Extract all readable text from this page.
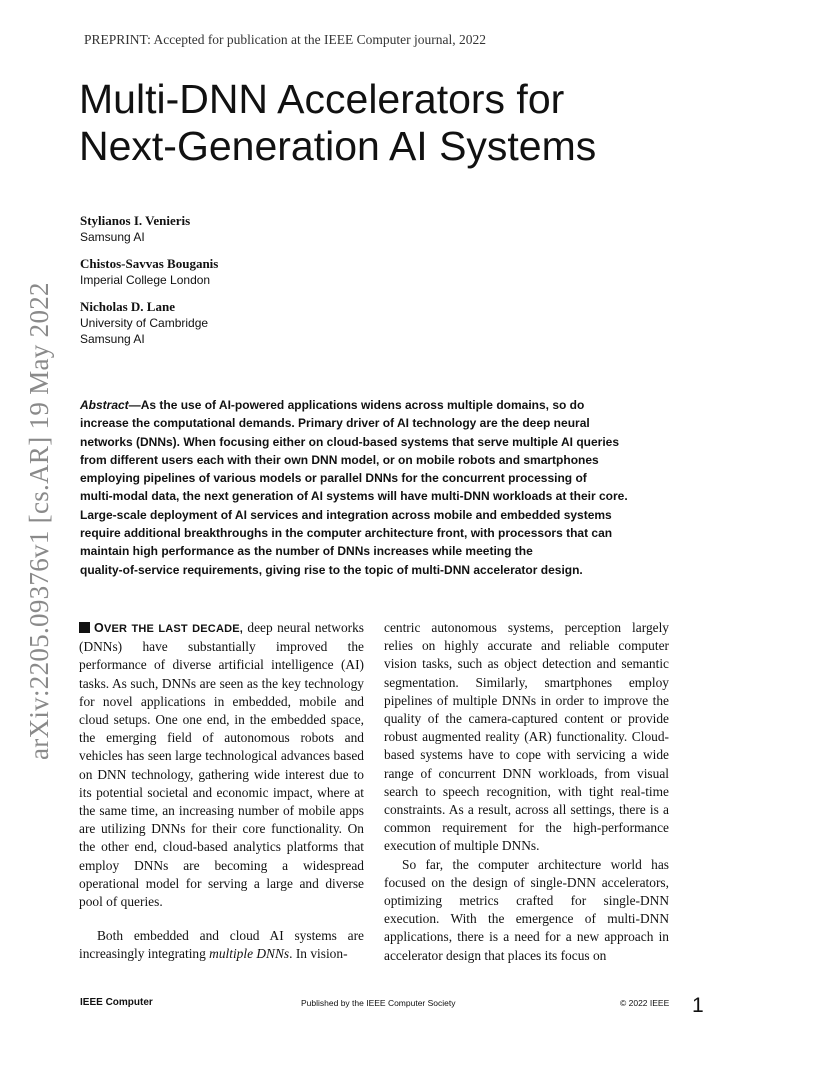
PREPRINT: Accepted for publication at the IEEE Computer journal, 2022
Multi-DNN Accelerators for
Next-Generation AI Systems
Stylianos I. Venieris
Samsung AI
Chistos-Savvas Bouganis
Imperial College London
Nicholas D. Lane
University of Cambridge
Samsung AI
arXiv:2205.09376v1 [cs.AR] 19 May 2022	Abstract—As the use of AI-powered applications widens across multiple domains, so do
increase the computational demands. Primary driver of AI technology are the deep neural
networks (DNNs). When focusing either on cloud-based systems that serve multiple AI queries
from different users each with their own DNN model, or on mobile robots and smartphones
employing pipelines of various models or parallel DNNs for the concurrent processing of
multi-modal data, the next generation of AI systems will have multi-DNN workloads at their core.
Large-scale deployment of AI services and integration across mobile and embedded systems
require additional breakthroughs in the computer architecture front, with processors that can
maintain high performance as the number of DNNs increases while meeting the
quality-of-service requirements, giving rise to the topic of multi-DNN accelerator design.

OVER THE LAST DECADE, deep neural networks (DNNs) have substantially improved the performance of diverse artificial intelligence (AI) tasks. As such, DNNs are seen as the key technology for novel applications in embedded, mobile and cloud setups. One one end, in the embedded space, the emerging field of autonomous robots and vehicles has seen large technological advances based on DNN technology, gathering wide interest due to its potential societal and economic impact, where at the same time, an increasing number of mobile apps are utilizing DNNs for their core functionality. On the other end, cloud-based analytics platforms that employ DNNs are becoming a widespread operational model for serving a large and diverse pool of queries.

Both embedded and cloud AI systems are increasingly integrating multiple DNNs. In vision-

centric autonomous systems, perception largely relies on highly accurate and reliable computer vision tasks, such as object detection and semantic segmentation. Similarly, smartphones employ pipelines of multiple DNNs in order to improve the quality of the camera-captured content or provide robust augmented reality (AR) functionality. Cloud-based systems have to cope with servicing a wide range of concurrent DNN workloads, from visual search to speech recognition, with tight real-time constraints. As a result, across all settings, there is a common requirement for the high-performance execution of multiple DNNs.

So far, the computer architecture world has focused on the design of single-DNN accelerators, optimizing metrics crafted for single-DNN execution. With the emergence of multi-DNN applications, there is a need for a new approach in accelerator design that places its focus on

IEEE Computer	Published by the IEEE Computer Society	© 2022 IEEE 1
